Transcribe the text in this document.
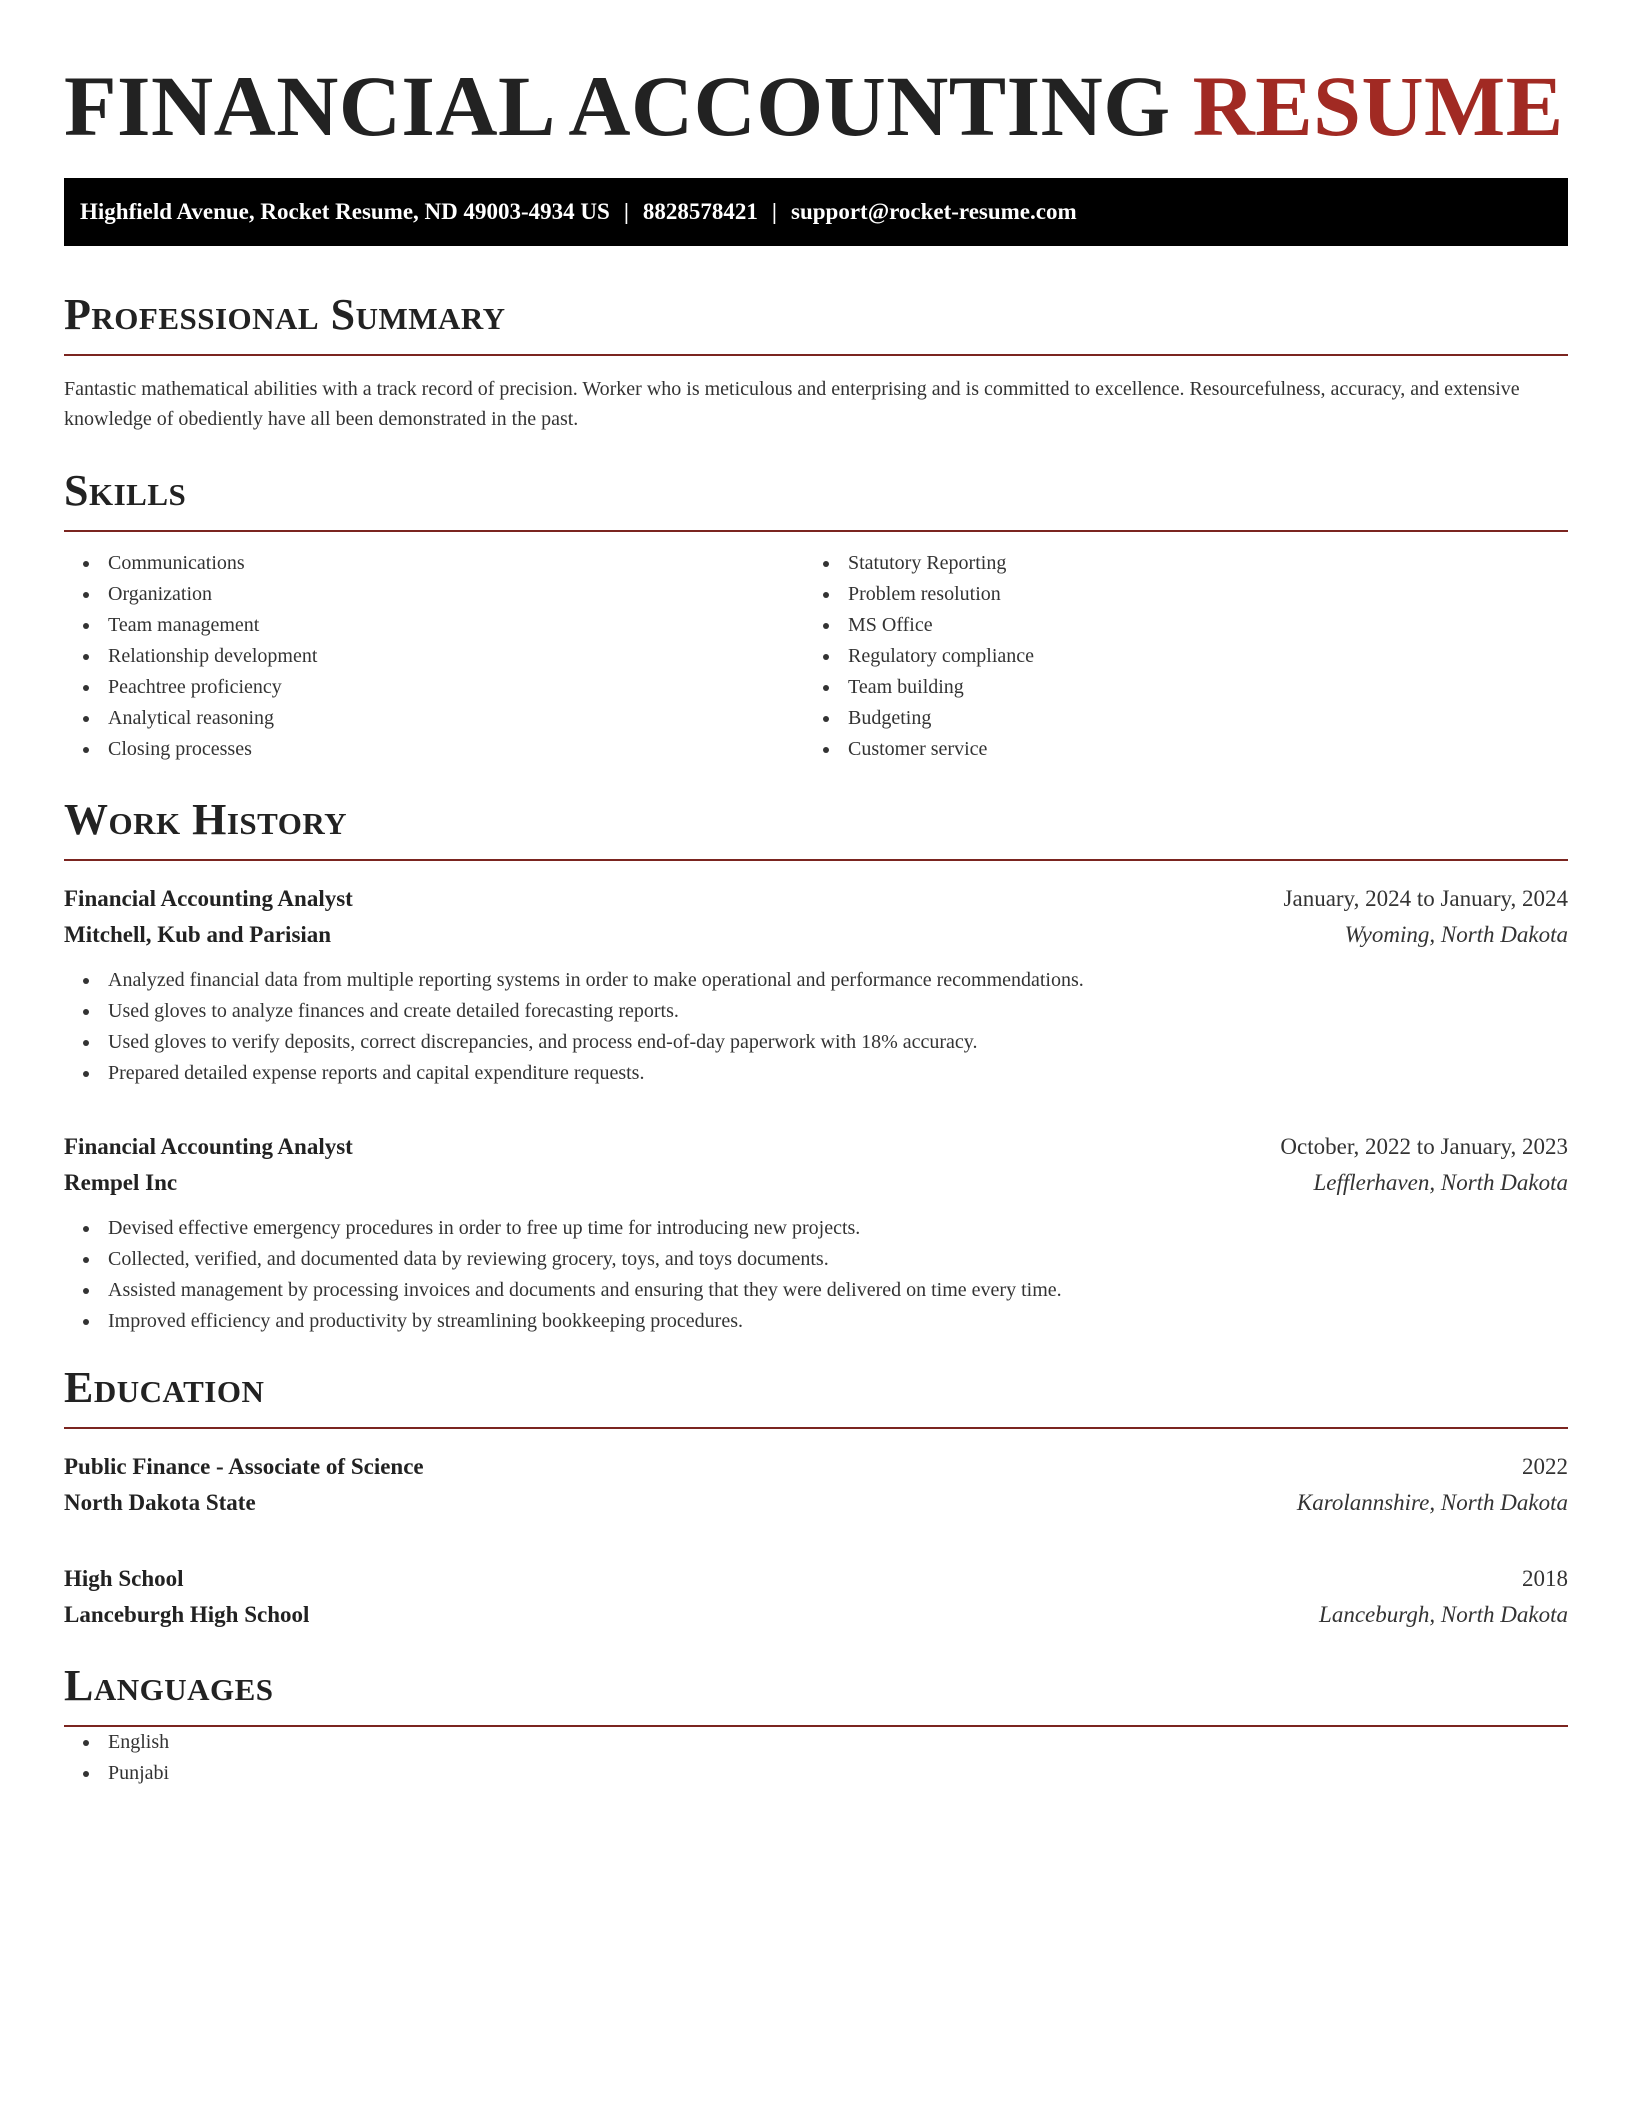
FINANCIAL ACCOUNTING RESUME
Highfield Avenue, Rocket Resume, ND 49003-4934 US | 8828578421 | support@rocket-resume.com
Professional Summary

Fantastic mathematical abilities with a track record of precision. Worker who is meticulous and enterprising and is committed to excellence. Resourcefulness, accuracy, and extensive knowledge of obediently have all been demonstrated in the past.

Skills
Communications
Organization
Team management
Relationship development
Peachtree proficiency
Analytical reasoning
Closing processes
Statutory Reporting
Problem resolution
MS Office
Regulatory compliance
Team building
Budgeting
Customer service
Work History
Financial Accounting Analyst	January, 2024 to January, 2024
Mitchell, Kub and Parisian	Wyoming, North Dakota
Analyzed financial data from multiple reporting systems in order to make operational and performance recommendations.
Used gloves to analyze finances and create detailed forecasting reports.
Used gloves to verify deposits, correct discrepancies, and process end-of-day paperwork with 18% accuracy.
Prepared detailed expense reports and capital expenditure requests.
Financial Accounting Analyst	October, 2022 to January, 2023
Rempel Inc	Lefflerhaven, North Dakota
Devised effective emergency procedures in order to free up time for introducing new projects.
Collected, verified, and documented data by reviewing grocery, toys, and toys documents.
Assisted management by processing invoices and documents and ensuring that they were delivered on time every time.
Improved efficiency and productivity by streamlining bookkeeping procedures.
Education
Public Finance - Associate of Science	2022
North Dakota State	Karolannshire, North Dakota
High School	2018
Lanceburgh High School	Lanceburgh, North Dakota
Languages
English
Punjabi
